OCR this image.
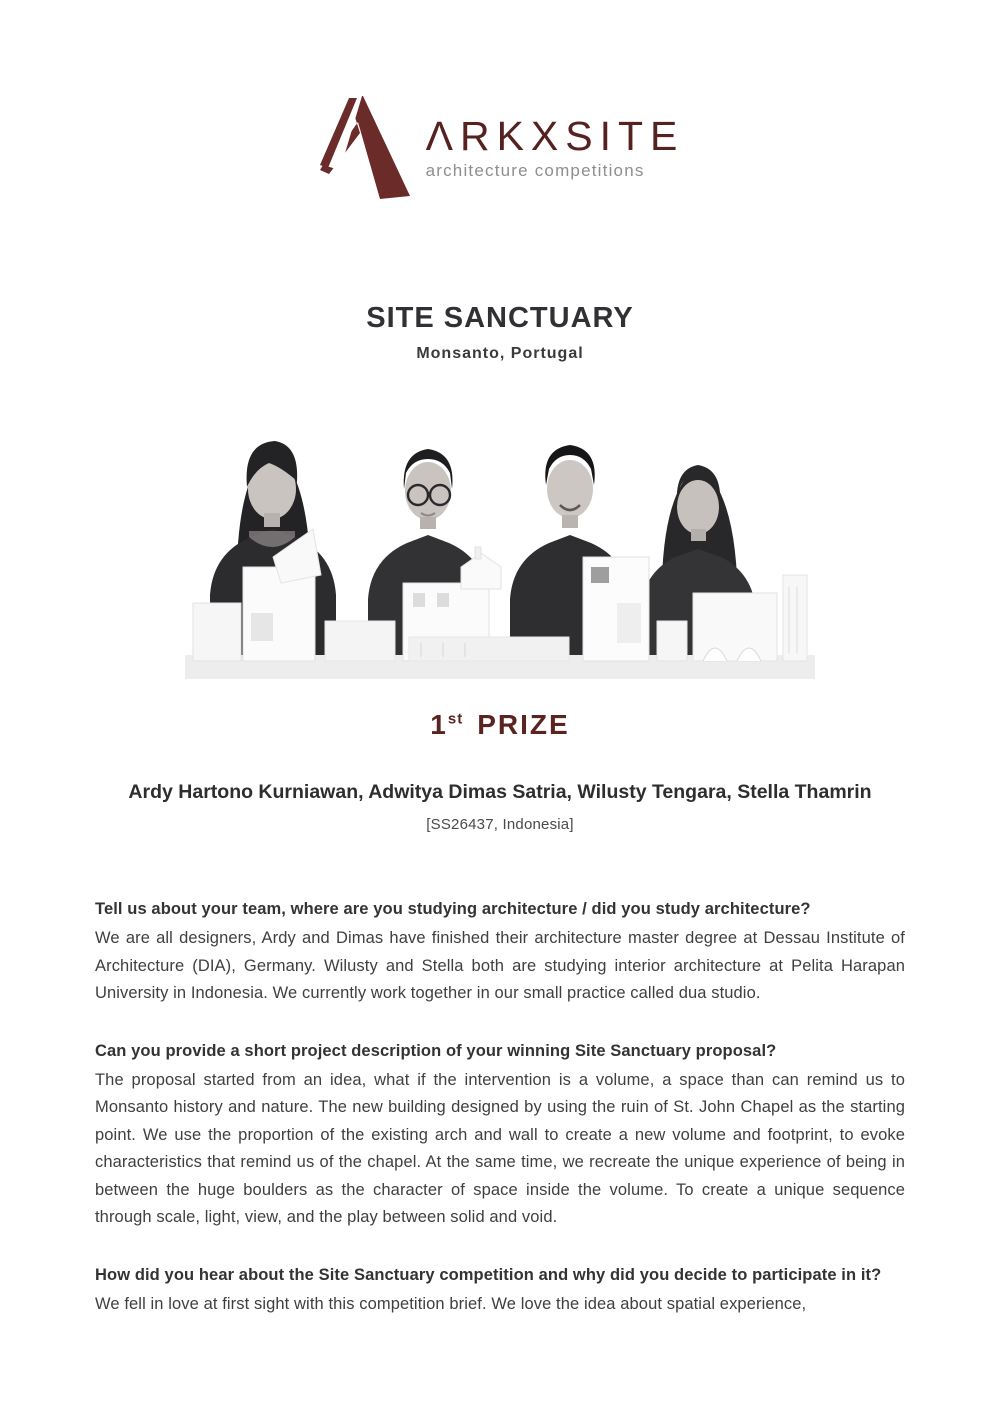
ΛRKXSITE
architecture competitions
SITE SANCTUARY
Monsanto, Portugal
1st PRIZE
Ardy Hartono Kurniawan, Adwitya Dimas Satria, Wilusty Tengara, Stella Thamrin
[SS26437, Indonesia]
Tell us about your team, where are you studying architecture / did you study architecture?
We are all designers, Ardy and Dimas have finished their architecture master degree at Dessau Institute of Architecture (DIA), Germany. Wilusty and Stella both are studying interior architecture at Pelita Harapan University in Indonesia. We currently work together in our small practice called dua studio.
Can you provide a short project description of your winning Site Sanctuary proposal?
The proposal started from an idea, what if the intervention is a volume, a space than can remind us to Monsanto history and nature. The new building designed by using the ruin of St. John Chapel as the starting point. We use the proportion of the existing arch and wall to create a new volume and footprint, to evoke characteristics that remind us of the chapel. At the same time, we recreate the unique experience of being in between the huge boulders as the character of space inside the volume. To create a unique sequence through scale, light, view, and the play between solid and void.
How did you hear about the Site Sanctuary competition and why did you decide to participate in it?
We fell in love at first sight with this competition brief. We love the idea about spatial experience,
